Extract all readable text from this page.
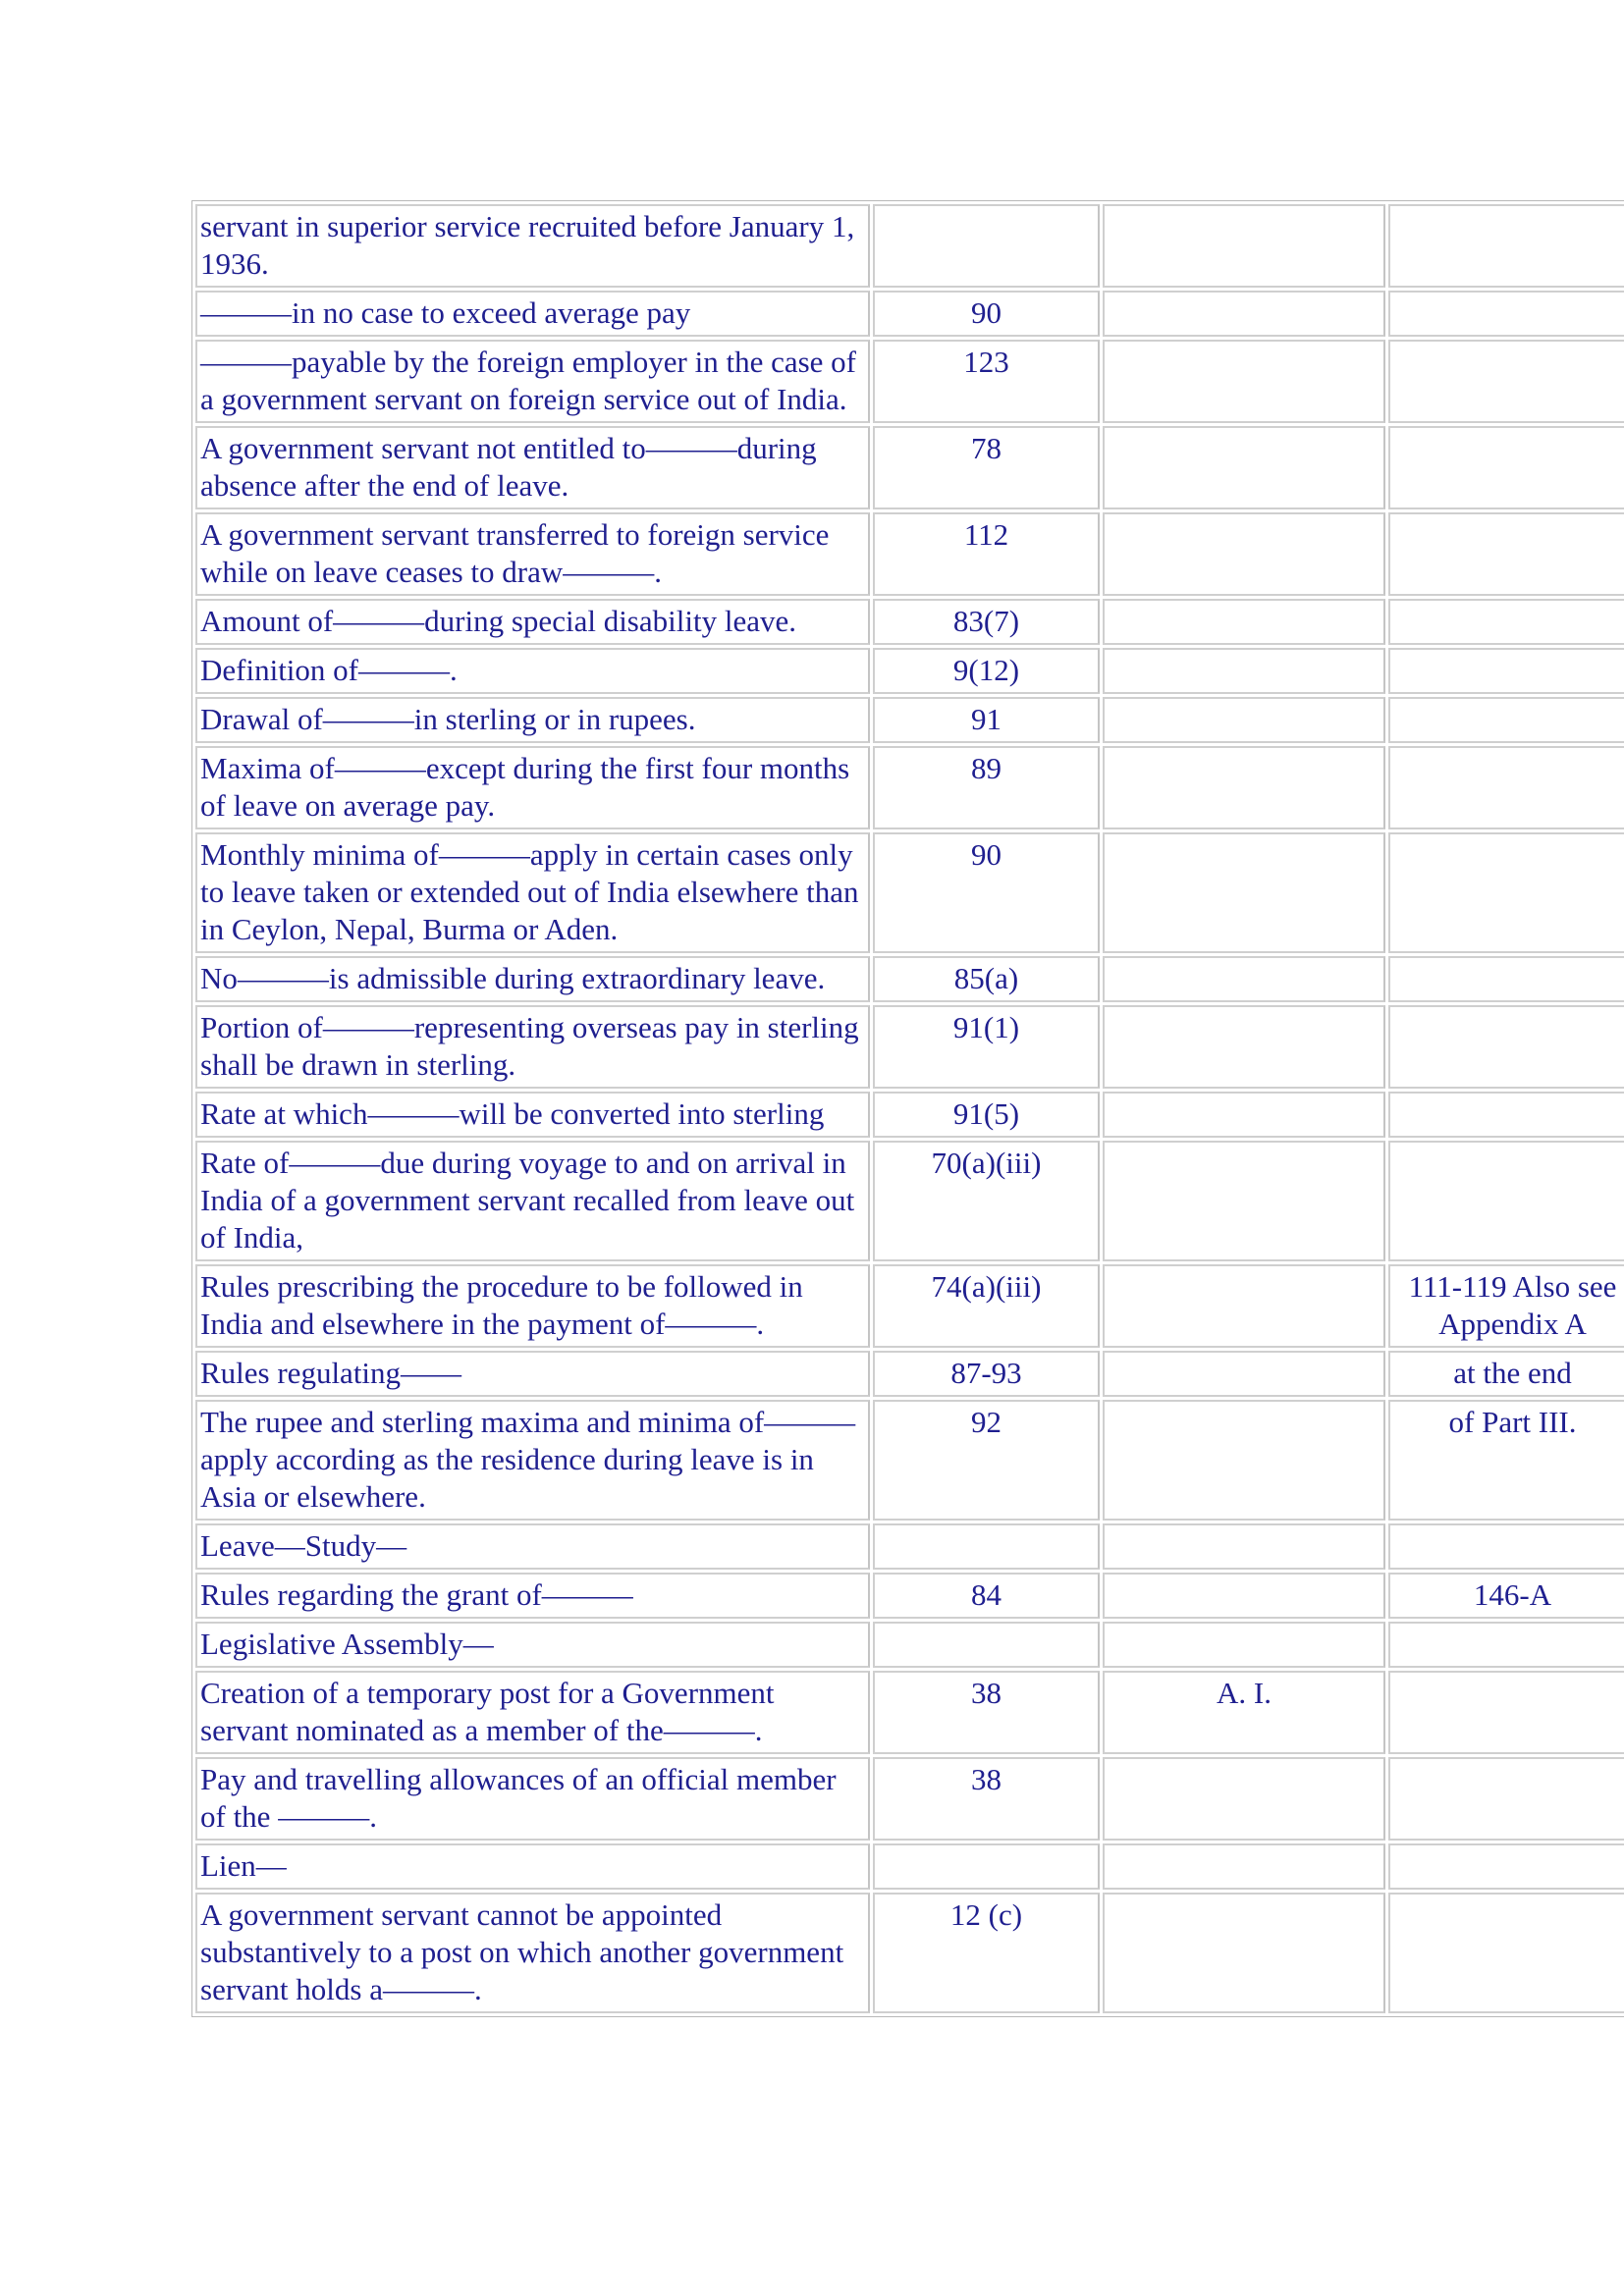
servant in superior service recruited before January 1, 1936.			
———in no case to exceed average pay	90		
———payable by the foreign employer in the case of a government servant on foreign service out of India.	123		
A government servant not entitled to———during absence after the end of leave.	78		
A government servant transferred to foreign service while on leave ceases to draw———.	112		
Amount of———during special disability leave.	83(7)		
Definition of———.	9(12)		
Drawal of———in sterling or in rupees.	91		
Maxima of———except during the first four months of leave on average pay.	89		
Monthly minima of———apply in certain cases only to leave taken or extended out of India elsewhere than in Ceylon, Nepal, Burma or Aden.	90		
No———is admissible during extraordinary leave.	85(a)		
Portion of———representing overseas pay in sterling shall be drawn in sterling.	91(1)		
Rate at which———will be converted into sterling	91(5)		
Rate of———due during voyage to and on arrival in India of a government servant recalled from leave out of India,	70(a)(iii)		
Rules prescribing the procedure to be followed in India and elsewhere in the payment of———.	74(a)(iii)		111-119 Also see Appendix A
Rules regulating——	87-93		at the end
The rupee and sterling maxima and minima of———apply according as the residence during leave is in Asia or elsewhere.	92		of Part III.
Leave—Study—			
Rules regarding the grant of———	84		146-A
Legislative Assembly—			
Creation of a temporary post for a Government servant nominated as a member of the———.	38	A. I.	
Pay and travelling allowances of an official member of the ———.	38		
Lien—			
A government servant cannot be appointed substantively to a post on which another government servant holds a———.	12 (c)		
